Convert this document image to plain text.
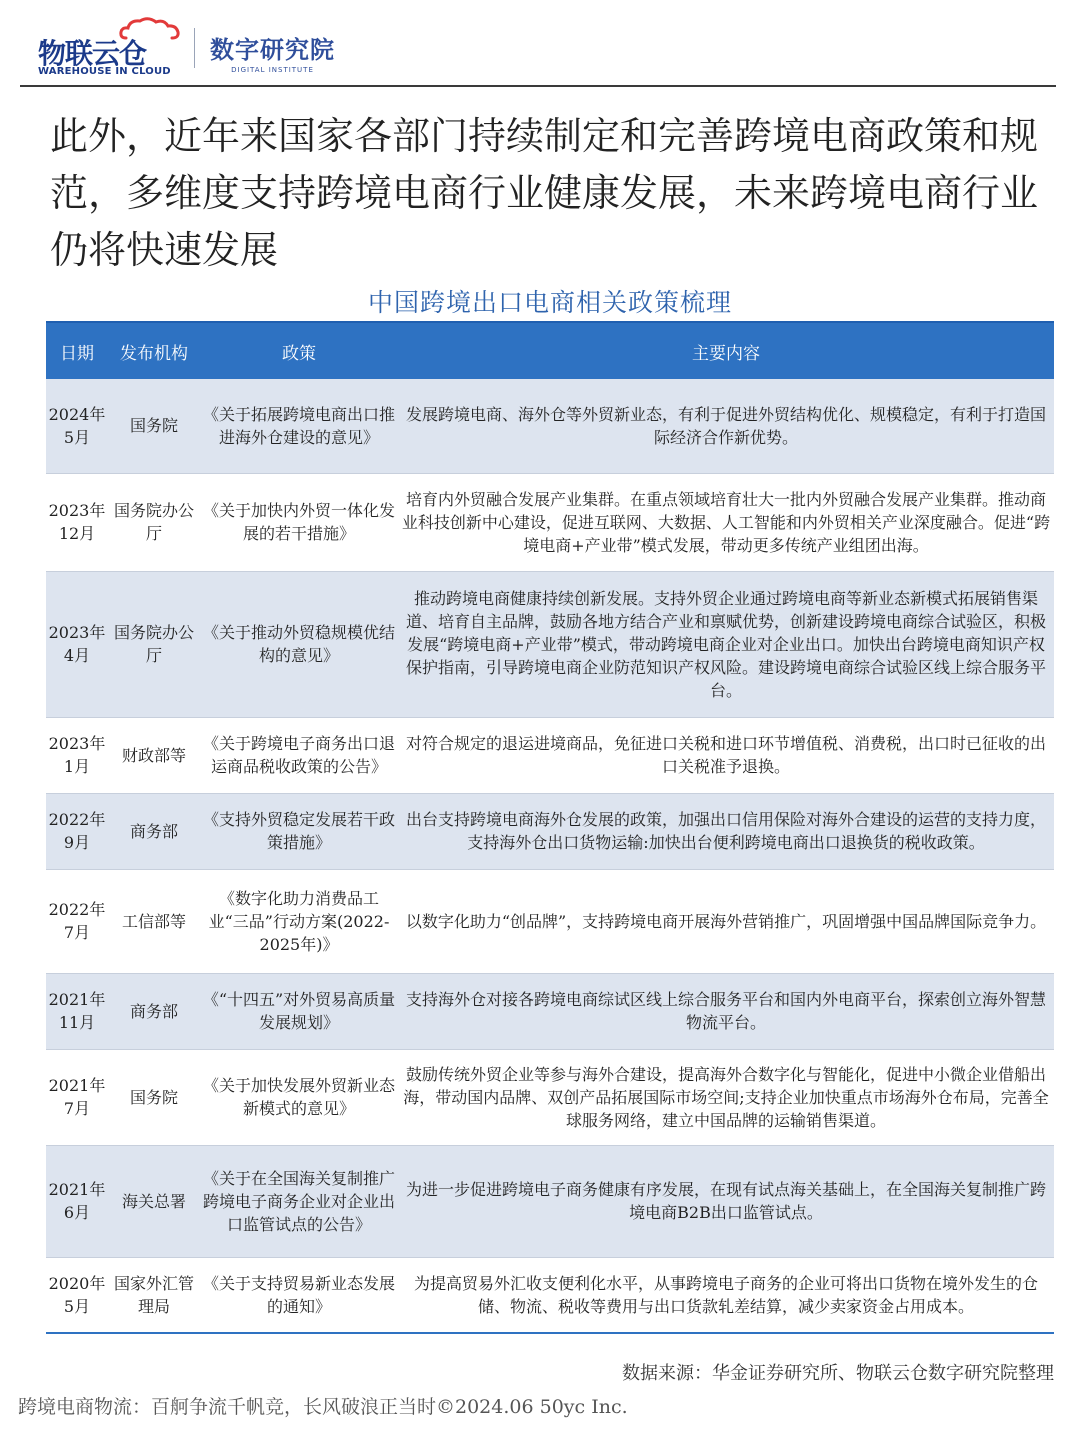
物联云仓
WAREHOUSE IN CLOUD
数字研究院
DIGITAL INSTITUTE
此外，近年来国家各部门持续制定和完善跨境电商政策和规范，多维度支持跨境电商行业健康发展，未来跨境电商行业仍将快速发展
中国跨境出口电商相关政策梳理
日期	发布机构	政策	主要内容
2024年5月	国务院	《关于拓展跨境电商出口推进海外仓建设的意见》	发展跨境电商、海外仓等外贸新业态，有利于促进外贸结构优化、规模稳定，有利于打造国际经济合作新优势。
2023年12月	国务院办公厅	《关于加快内外贸一体化发展的若干措施》	培育内外贸融合发展产业集群。在重点领域培育壮大一批内外贸融合发展产业集群。推动商业科技创新中心建设，促进互联网、大数据、人工智能和内外贸相关产业深度融合。促进“跨境电商+产业带”模式发展，带动更多传统产业组团出海。
2023年4月	国务院办公厅	《关于推动外贸稳规模优结构的意见》	推动跨境电商健康持续创新发展。支持外贸企业通过跨境电商等新业态新模式拓展销售渠道、培育自主品牌，鼓励各地方结合产业和禀赋优势，创新建设跨境电商综合试验区，积极发展“跨境电商+产业带”模式，带动跨境电商企业对企业出口。加快出台跨境电商知识产权保护指南，引导跨境电商企业防范知识产权风险。建设跨境电商综合试验区线上综合服务平台。
2023年1月	财政部等	《关于跨境电子商务出口退运商品税收政策的公告》	对符合规定的退运进境商品，免征进口关税和进口环节增值税、消费税，出口时已征收的出口关税准予退换。
2022年9月	商务部	《支持外贸稳定发展若干政策措施》	出台支持跨境电商海外仓发展的政策，加强出口信用保险对海外合建设的运营的支持力度，支持海外仓出口货物运输:加快出台便利跨境电商出口退换货的税收政策。
2022年7月	工信部等	《数字化助力消费品工业“三品”行动方案(2022-2025年)》	以数字化助力“创品牌”，支持跨境电商开展海外营销推广，巩固增强中国品牌国际竞争力。
2021年11月	商务部	《“十四五”对外贸易高质量发展规划》	支持海外仓对接各跨境电商综试区线上综合服务平台和国内外电商平台，探索创立海外智慧物流平台。
2021年7月	国务院	《关于加快发展外贸新业态新模式的意见》	鼓励传统外贸企业等参与海外合建设，提高海外合数字化与智能化，促进中小微企业借船出海，带动国内品牌、双创产品拓展国际市场空间;支持企业加快重点市场海外仓布局，完善全球服务网络，建立中国品牌的运输销售渠道。
2021年6月	海关总署	《关于在全国海关复制推广跨境电子商务企业对企业出 口监管试点的公告》	为进一步促进跨境电子商务健康有序发展，在现有试点海关基础上，在全国海关复制推广跨境电商B2B出口监管试点。
2020年5月	国家外汇管理局	《关于支持贸易新业态发展的通知》	为提高贸易外汇收支便利化水平，从事跨境电子商务的企业可将出口货物在境外发生的仓储、物流、税收等费用与出口货款轧差结算，减少卖家资金占用成本。
数据来源：华金证券研究所、物联云仓数字研究院整理
跨境电商物流：百舸争流千帆竞，长风破浪正当时©2024.06 50yc Inc.
